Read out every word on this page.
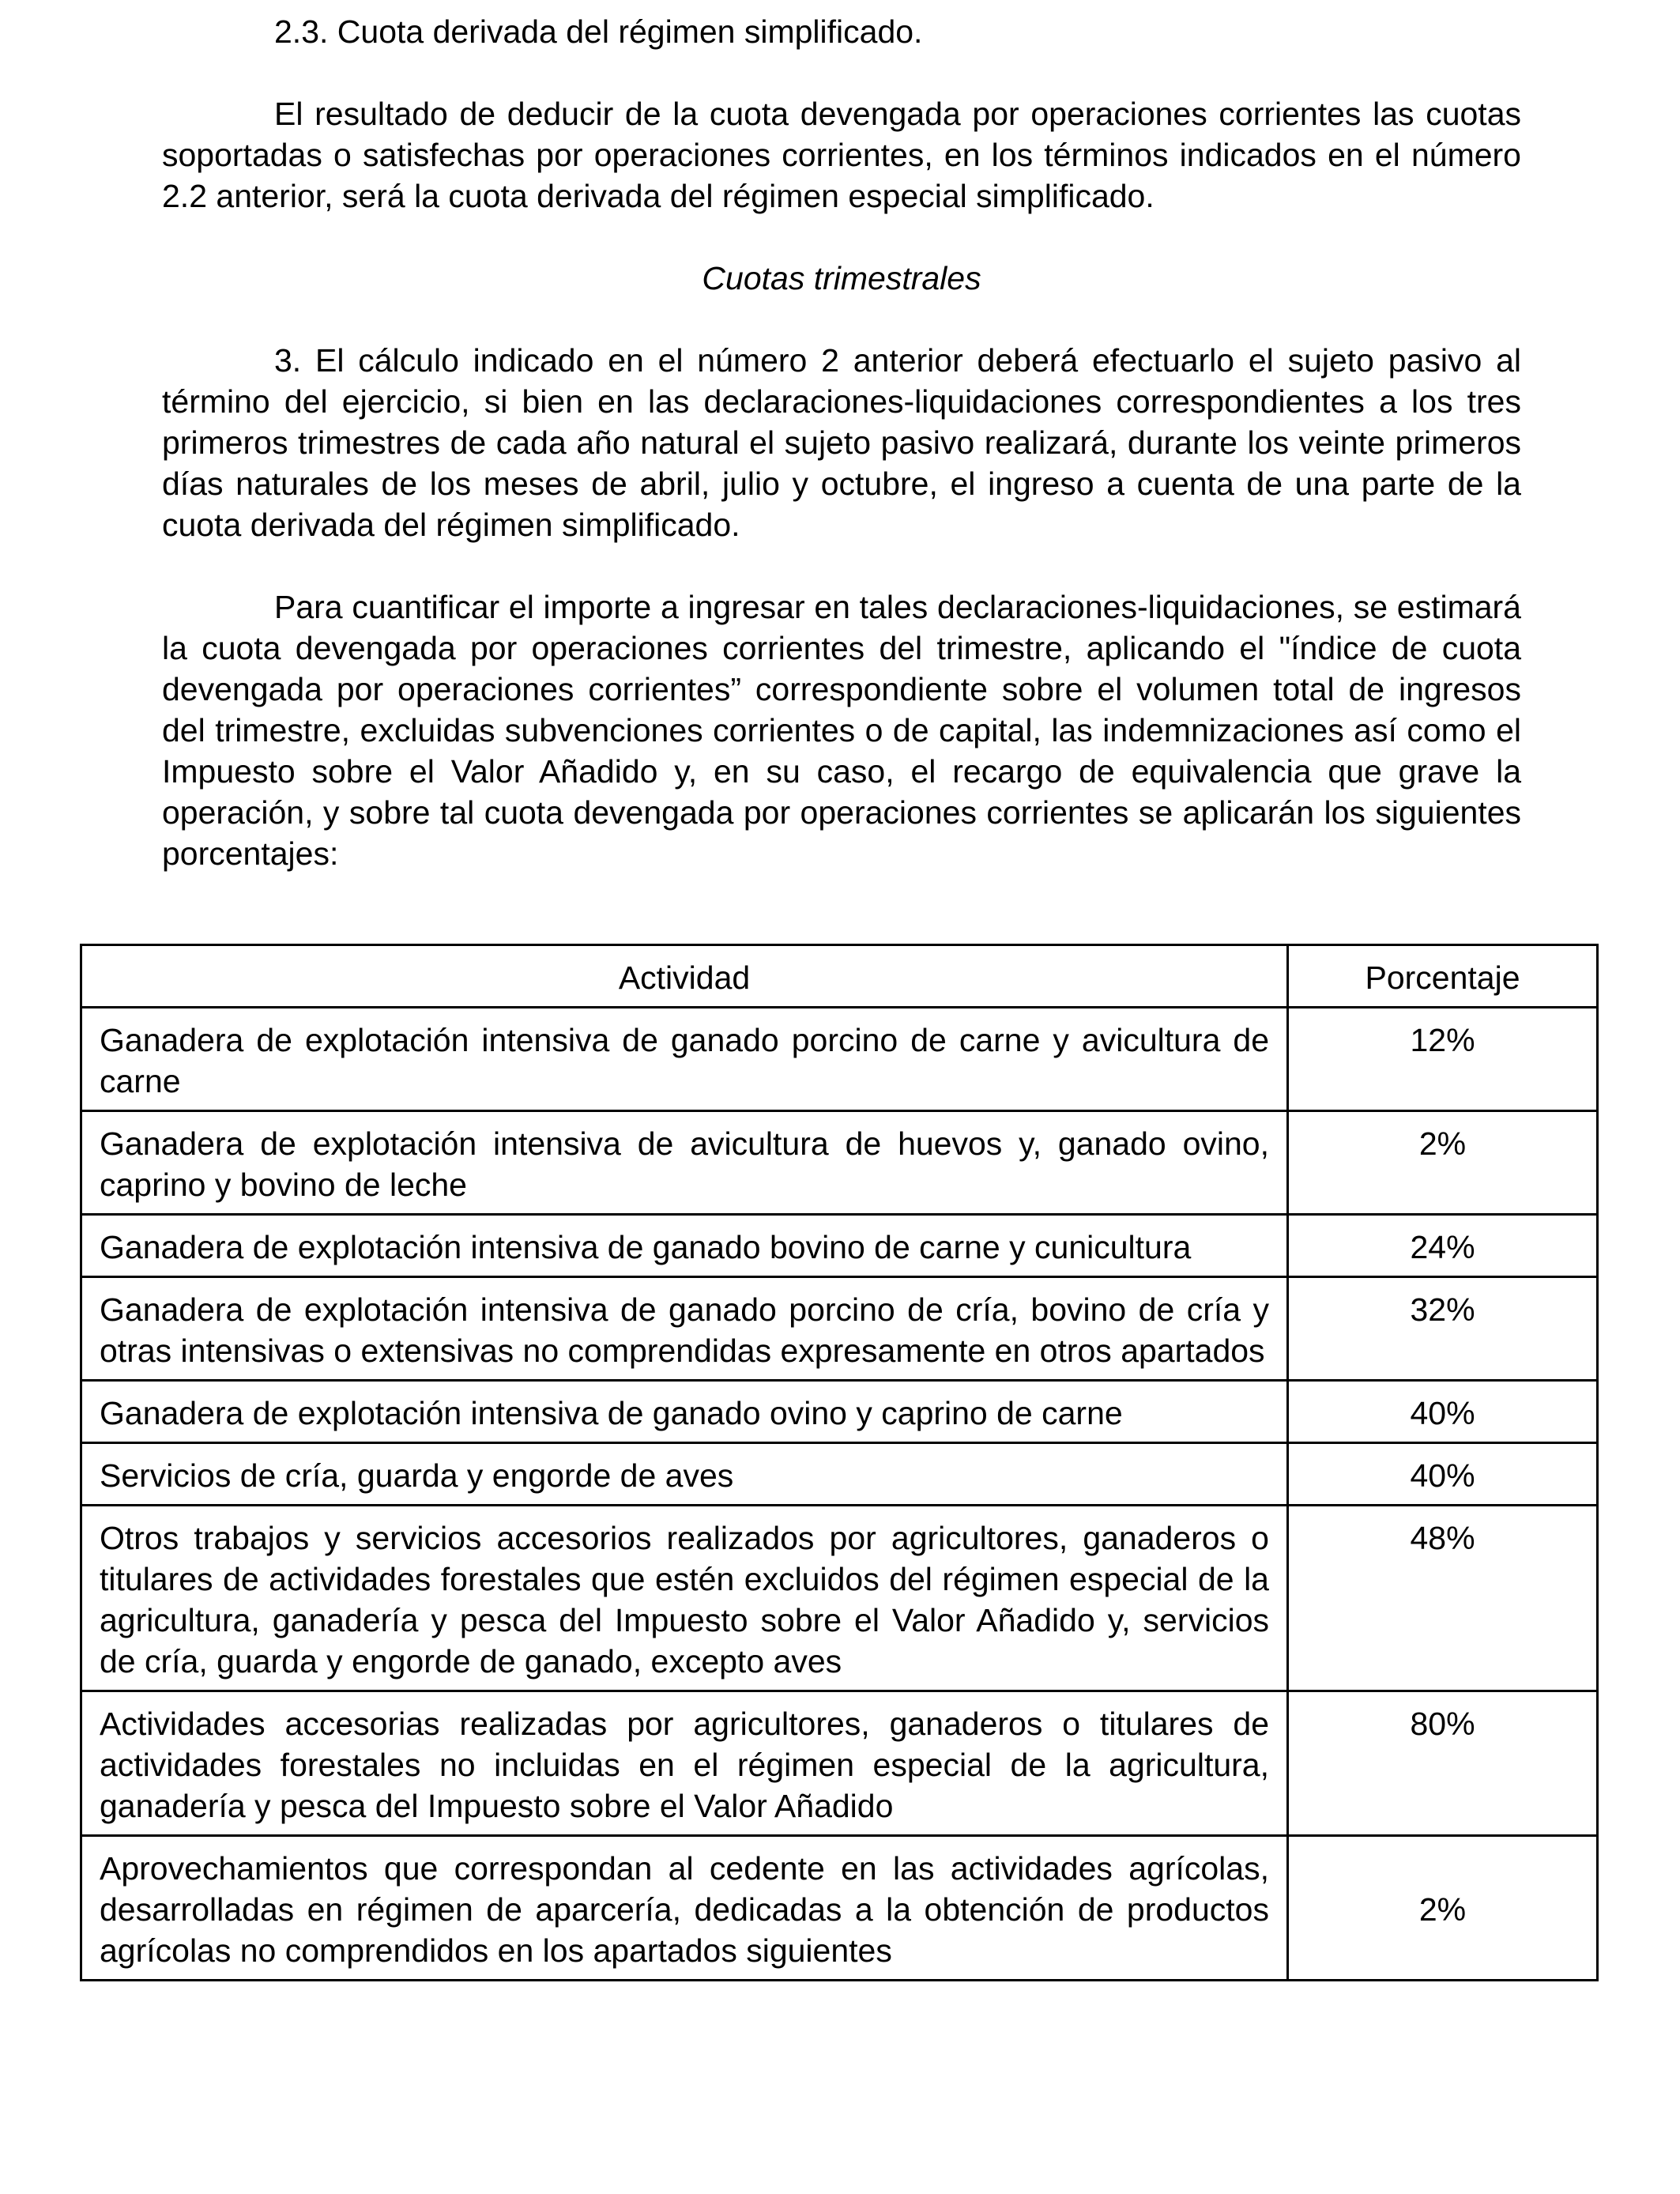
2.3. Cuota derivada del régimen simplificado.

El resultado de deducir de la cuota devengada por operaciones corrientes las cuotas soportadas o satisfechas por operaciones corrientes, en los términos indicados en el número 2.2 anterior, será la cuota derivada del régimen especial simplificado.

Cuotas trimestrales

3. El cálculo indicado en el número 2 anterior deberá efectuarlo el sujeto pasivo al término del ejercicio, si bien en las declaraciones-liquidaciones correspondientes a los tres primeros trimestres de cada año natural el sujeto pasivo realizará, durante los veinte primeros días naturales de los meses de abril, julio y octubre, el ingreso a cuenta de una parte de la cuota derivada del régimen simplificado.

Para cuantificar el importe a ingresar en tales declaraciones-liquidaciones, se estimará la cuota devengada por operaciones corrientes del trimestre, aplicando el "índice de cuota devengada por operaciones corrientes” correspondiente sobre el volumen total de ingresos del trimestre, excluidas subvenciones corrientes o de capital, las indemnizaciones así como el Impuesto sobre el Valor Añadido y, en su caso, el recargo de equivalencia que grave la operación, y sobre tal cuota devengada por operaciones corrientes se aplicarán los siguientes porcentajes:

Actividad	Porcentaje
Ganadera de explotación intensiva de ganado porcino de carne y avicultura de carne	12%
Ganadera de explotación intensiva de avicultura de huevos y, ganado ovino, caprino y bovino de leche	2%
Ganadera de explotación intensiva de ganado bovino de carne y cunicultura	24%
Ganadera de explotación intensiva de ganado porcino de cría, bovino de cría y otras intensivas o extensivas no comprendidas expresamente en otros apartados	32%
Ganadera de explotación intensiva de ganado ovino y caprino de carne	40%
Servicios de cría, guarda y engorde de aves	40%
Otros trabajos y servicios accesorios realizados por agricultores, ganaderos o titulares de actividades forestales que estén excluidos del régimen especial de la agricultura, ganadería y pesca del Impuesto sobre el Valor Añadido y, servicios de cría, guarda y engorde de ganado, excepto aves	48%
Actividades accesorias realizadas por agricultores, ganaderos o titulares de actividades forestales no incluidas en el régimen especial de la agricultura, ganadería y pesca del Impuesto sobre el Valor Añadido	80%
Aprovechamientos que correspondan al cedente en las actividades agrícolas, desarrolladas en régimen de aparcería, dedicadas a la obtención de productos agrícolas no comprendidos en los apartados siguientes	2%
